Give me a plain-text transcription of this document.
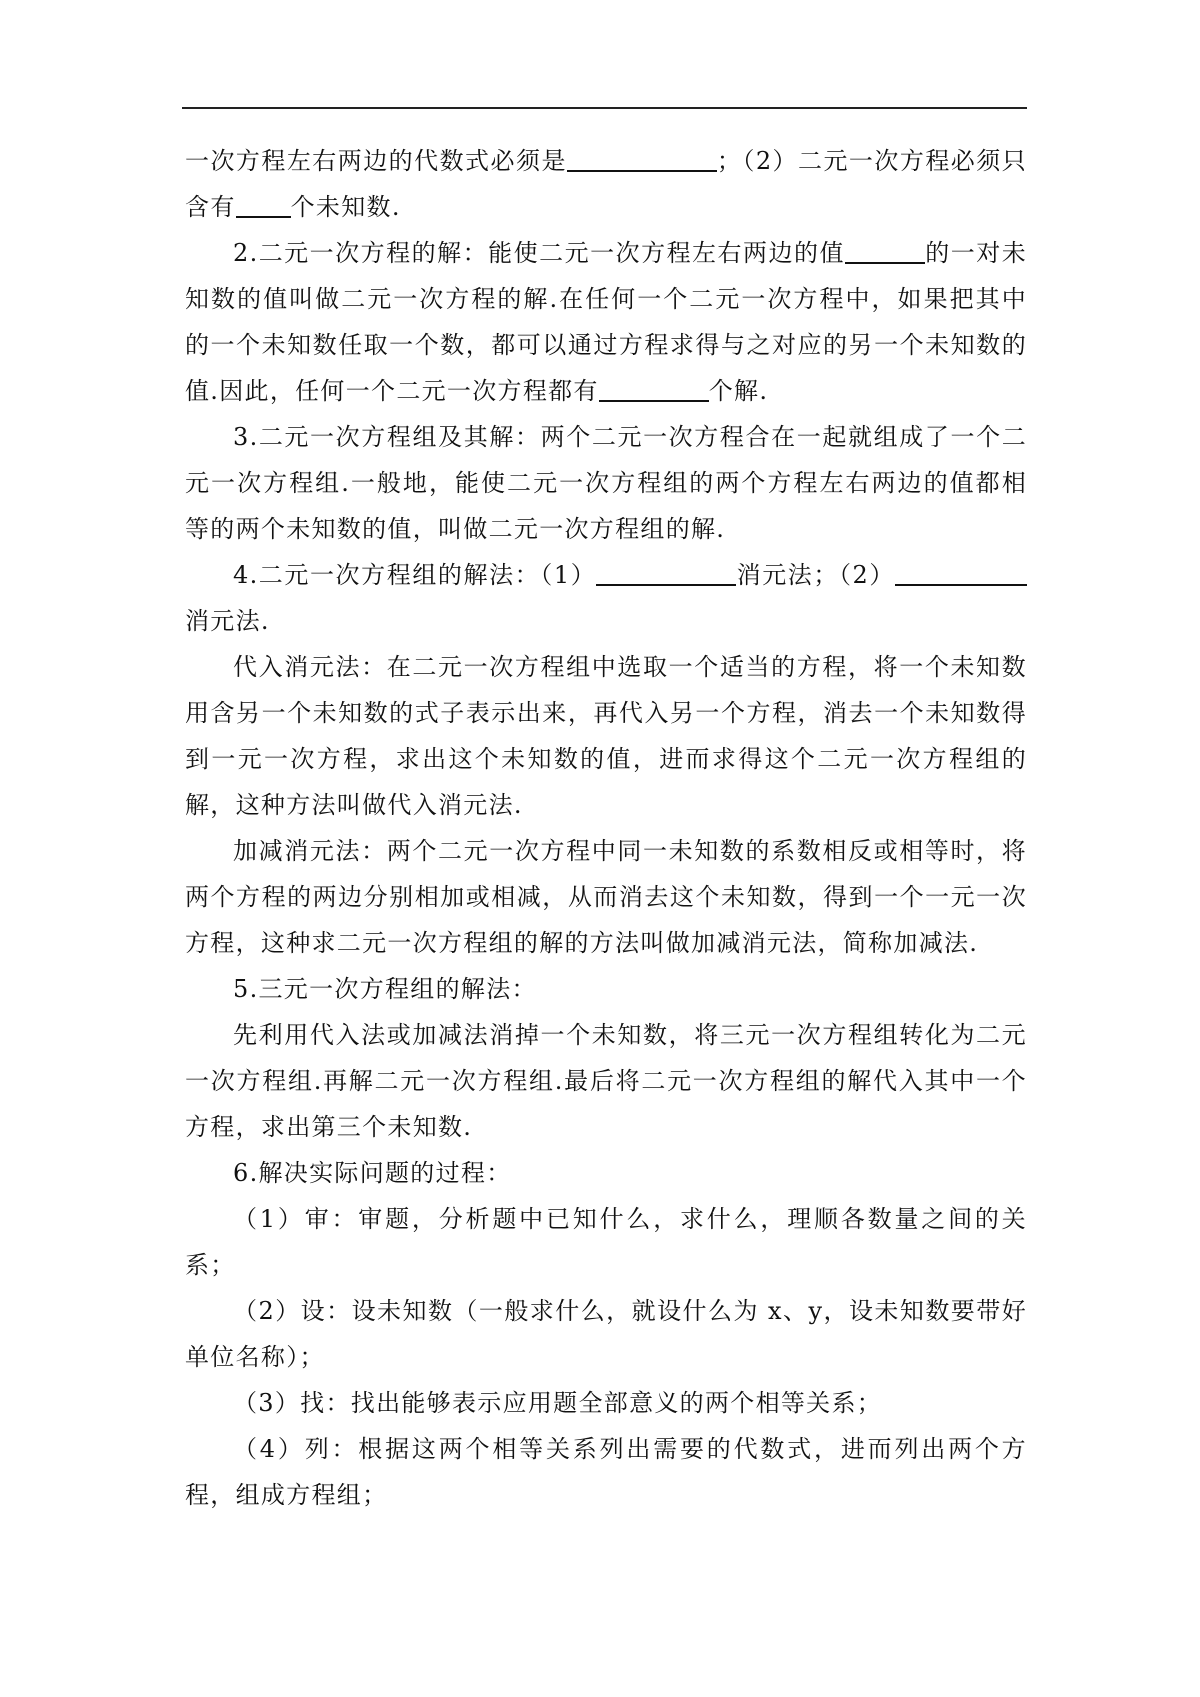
一次方程左右两边的代数式必须是	；（2）二元一次方程必须只含有 个未知数.

2.二元一次方程的解：能使二元一次方程左右两边的值	的一对未知数的值叫做二元一次方程的解.在任何一个二元一次方程中，如果把其中的一个未知数任取一个数，都可以通过方程求得与之对应的另一个未知数的值.因此，任何一个二元一次方程都有	个解.

3.二元一次方程组及其解：两个二元一次方程合在一起就组成了一个二元一次方程组.一般地，能使二元一次方程组的两个方程左右两边的值都相等的两个未知数的值，叫做二元一次方程组的解.

4.二元一次方程组的解法：（1）	消元法；（2）消元法.

代入消元法：在二元一次方程组中选取一个适当的方程，将一个未知数用含另一个未知数的式子表示出来，再代入另一个方程，消去一个未知数得到一元一次方程，求出这个未知数的值，进而求得这个二元一次方程组的解，这种方法叫做代入消元法.

加减消元法：两个二元一次方程中同一未知数的系数相反或相等时，将两个方程的两边分别相加或相减，从而消去这个未知数，得到一个一元一次方程，这种求二元一次方程组的解的方法叫做加减消元法，简称加减法.

5.三元一次方程组的解法：

先利用代入法或加减法消掉一个未知数，将三元一次方程组转化为二元一次方程组.再解二元一次方程组.最后将二元一次方程组的解代入其中一个方程，求出第三个未知数.

6.解决实际问题的过程：

（1）审：审题，分析题中已知什么，求什么，理顺各数量之间的关系；

（2）设：设未知数（一般求什么，就设什么为 x、y，设未知数要带好单位名称）；

（3）找：找出能够表示应用题全部意义的两个相等关系；

（4）列：根据这两个相等关系列出需要的代数式，进而列出两个方程，组成方程组；
